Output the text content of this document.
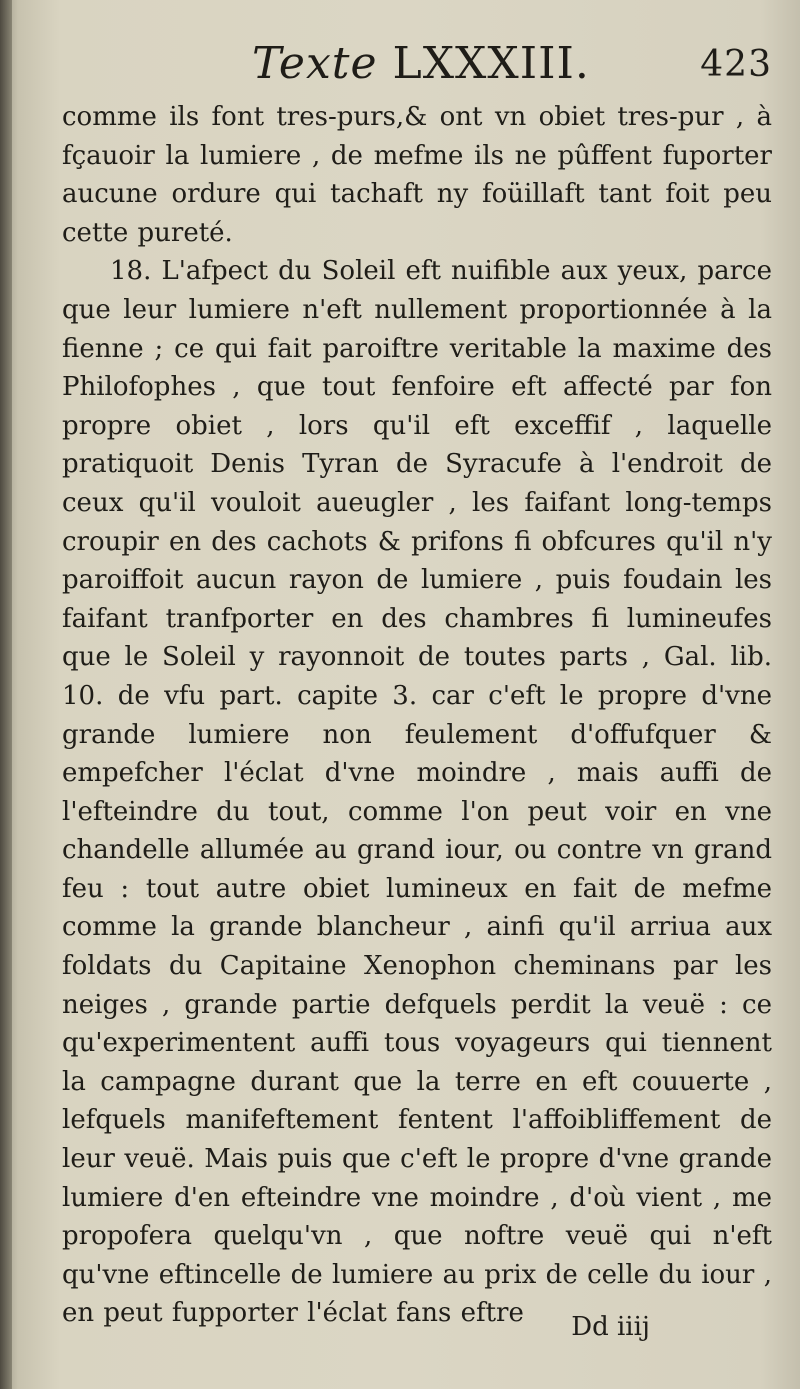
Texte LXXXIII.	423

comme ils font tres-purs,& ont vn obiet tres-pur , à fçauoir la lumiere , de mefme ils ne pûffent fuporter aucune ordure qui tachaft ny foüillaft tant foit peu cette pureté.

18. L'afpect du Soleil eft nuifible aux yeux, parce que leur lumiere n'eft nullement proportionnée à la fienne ; ce qui fait paroiftre veritable la maxime des Philofophes , que tout fenfoire eft affecté par fon propre obiet , lors qu'il eft exceffif , laquelle pratiquoit Denis Tyran de Syracufe à l'endroit de ceux qu'il vouloit aueugler , les faifant long-temps croupir en des cachots & prifons fi obfcures qu'il n'y paroiffoit aucun rayon de lumiere , puis foudain les faifant tranfporter en des chambres fi lumineufes que le Soleil y rayonnoit de toutes parts , Gal. lib. 10. de vfu part. capite 3. car c'eft le propre d'vne grande lumiere non feulement d'offufquer & empefcher l'éclat d'vne moindre , mais auffi de l'efteindre du tout, comme l'on peut voir en vne chandelle allumée au grand iour, ou contre vn grand feu : tout autre obiet lumineux en fait de mefme comme la grande blancheur , ainfi qu'il arriua aux foldats du Capitaine Xenophon cheminans par les neiges , grande partie defquels perdit la veuë : ce qu'experimentent auffi tous voyageurs qui tiennent la campagne durant que la terre en eft couuerte , lefquels manifeftement fentent l'affoibliffement de leur veuë. Mais puis que c'eft le propre d'vne grande lumiere d'en efteindre vne moindre , d'où vient , me propofera quelqu'vn , que noftre veuë qui n'eft qu'vne eftincelle de lumiere au prix de celle du iour , en peut fupporter l'éclat fans eftre	Dd iiij
